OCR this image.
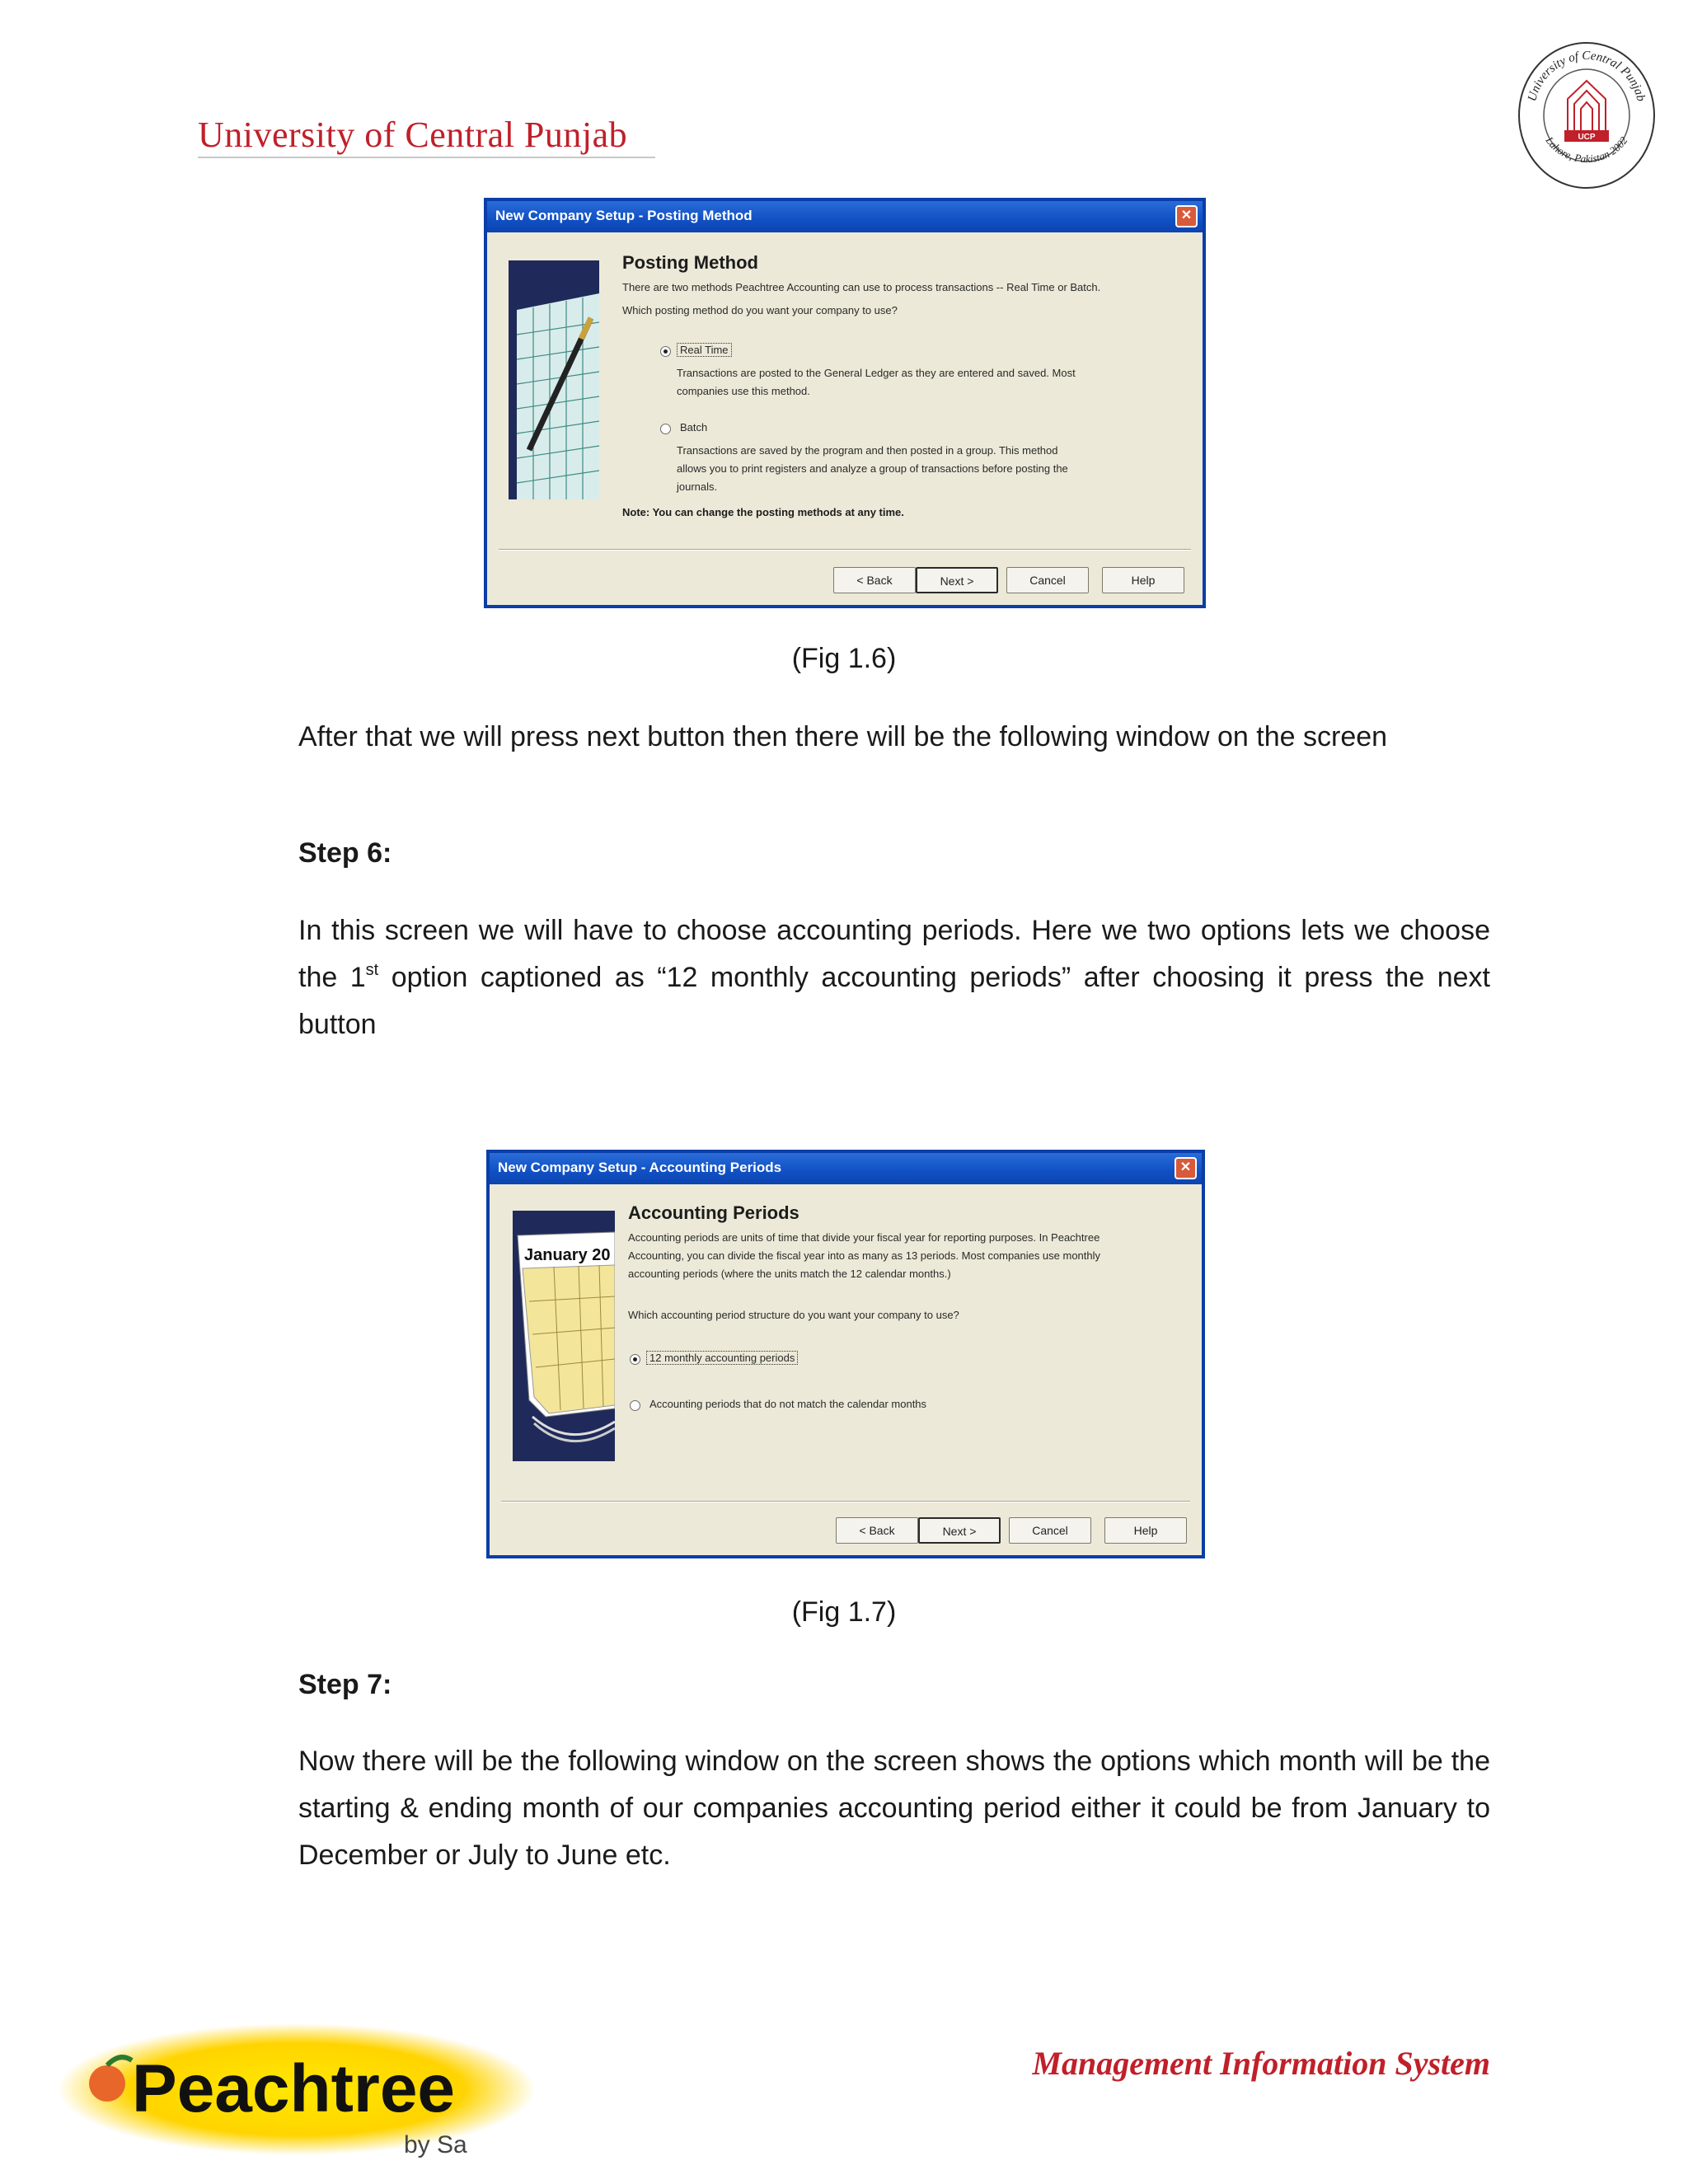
University of Central Punjab
University of Central Punjab
Lahore, Pakistan 2002
UCP
New Company Setup - Posting Method	✕
Posting Method
There are two methods Peachtree Accounting can use to process transactions -- Real Time or Batch.
Which posting method do you want your company to use?
Real Time
Transactions are posted to the General Ledger as they are entered and saved. Most
companies use this method.
Batch
Transactions are saved by the program and then posted in a group. This method
allows you to print registers and analyze a group of transactions before posting the
journals.
Note: You can change the posting methods at any time.
< Back	Next >	Cancel	Help
(Fig 1.6)
After that we will press next button then there will be the following window on the screen
Step 6:
In this screen we will have to choose accounting periods. Here we two options lets we choose the 1st option captioned as “12 monthly accounting periods” after choosing it press the next button
New Company Setup - Accounting Periods	✕
January 20
Accounting Periods
Accounting periods are units of time that divide your fiscal year for reporting purposes. In Peachtree
Accounting, you can divide the fiscal year into as many as 13 periods. Most companies use monthly
accounting periods (where the units match the 12 calendar months.)
Which accounting period structure do you want your company to use?
12 monthly accounting periods
Accounting periods that do not match the calendar months
< Back	Next >	Cancel	Help
(Fig 1.7)
Step 7:
Now there will be the following window on the screen shows the options which month will be the starting & ending month of our companies accounting period either it could be from January to December or July to June etc.
Peachtree
by Sa
Management Information System
